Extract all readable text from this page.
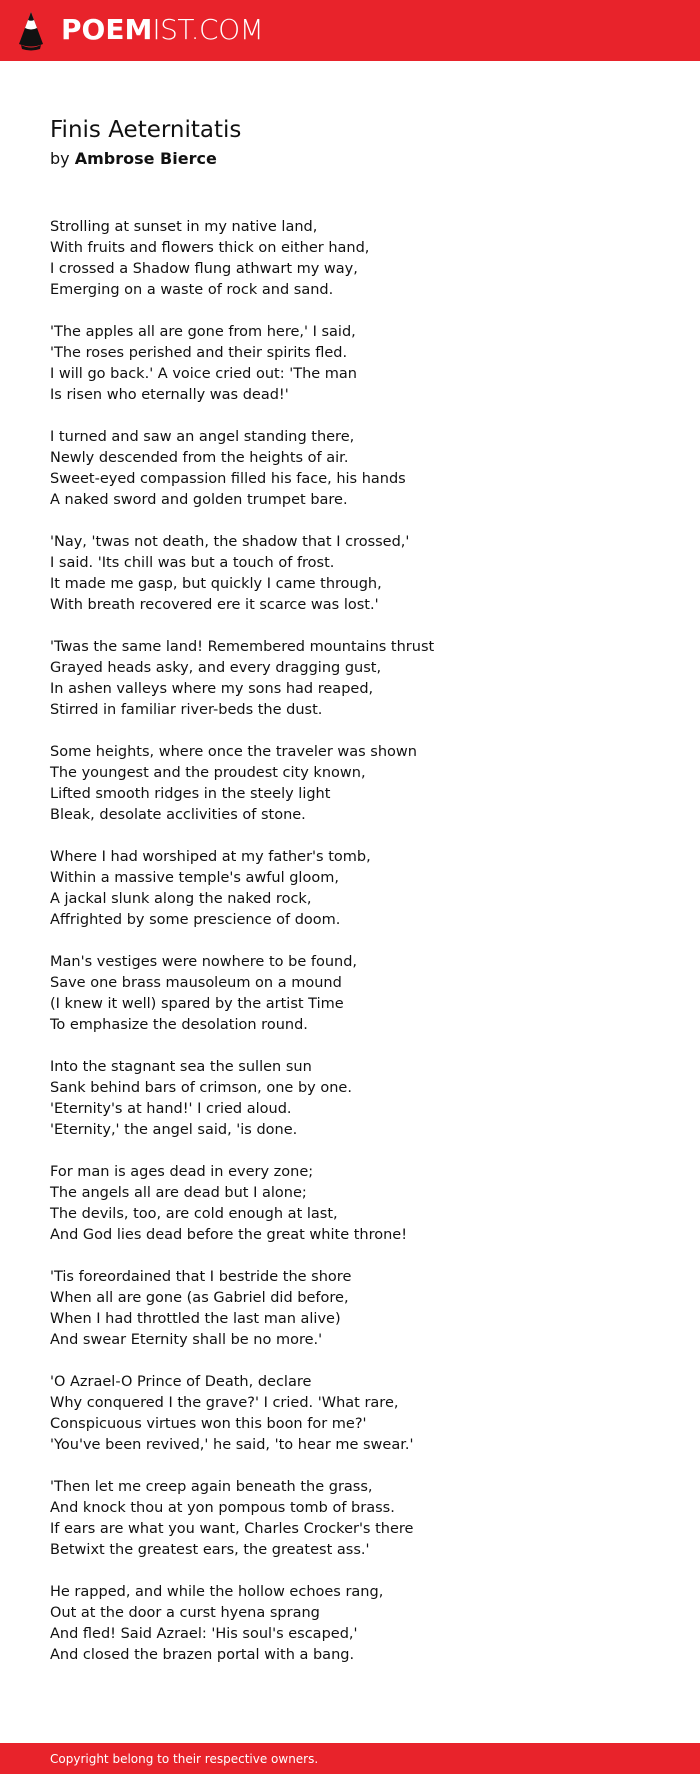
POEMIST.COM
Finis Aeternitatis
by Ambrose Bierce
Strolling at sunset in my native land,
With fruits and flowers thick on either hand,
I crossed a Shadow flung athwart my way,
Emerging on a waste of rock and sand.
'The apples all are gone from here,' I said,
'The roses perished and their spirits fled.
I will go back.' A voice cried out: 'The man
Is risen who eternally was dead!'
I turned and saw an angel standing there,
Newly descended from the heights of air.
Sweet-eyed compassion filled his face, his hands
A naked sword and golden trumpet bare.
'Nay, 'twas not death, the shadow that I crossed,'
I said. 'Its chill was but a touch of frost.
It made me gasp, but quickly I came through,
With breath recovered ere it scarce was lost.'
'Twas the same land! Remembered mountains thrust
Grayed heads asky, and every dragging gust,
In ashen valleys where my sons had reaped,
Stirred in familiar river-beds the dust.
Some heights, where once the traveler was shown
The youngest and the proudest city known,
Lifted smooth ridges in the steely light
Bleak, desolate acclivities of stone.
Where I had worshiped at my father's tomb,
Within a massive temple's awful gloom,
A jackal slunk along the naked rock,
Affrighted by some prescience of doom.
Man's vestiges were nowhere to be found,
Save one brass mausoleum on a mound
(I knew it well) spared by the artist Time
To emphasize the desolation round.
Into the stagnant sea the sullen sun
Sank behind bars of crimson, one by one.
'Eternity's at hand!' I cried aloud.
'Eternity,' the angel said, 'is done.
For man is ages dead in every zone;
The angels all are dead but I alone;
The devils, too, are cold enough at last,
And God lies dead before the great white throne!
'Tis foreordained that I bestride the shore
When all are gone (as Gabriel did before,
When I had throttled the last man alive)
And swear Eternity shall be no more.'
'O Azrael-O Prince of Death, declare
Why conquered I the grave?' I cried. 'What rare,
Conspicuous virtues won this boon for me?'
'You've been revived,' he said, 'to hear me swear.'
'Then let me creep again beneath the grass,
And knock thou at yon pompous tomb of brass.
If ears are what you want, Charles Crocker's there
Betwixt the greatest ears, the greatest ass.'
He rapped, and while the hollow echoes rang,
Out at the door a curst hyena sprang
And fled! Said Azrael: 'His soul's escaped,'
And closed the brazen portal with a bang.
Copyright belong to their respective owners.
